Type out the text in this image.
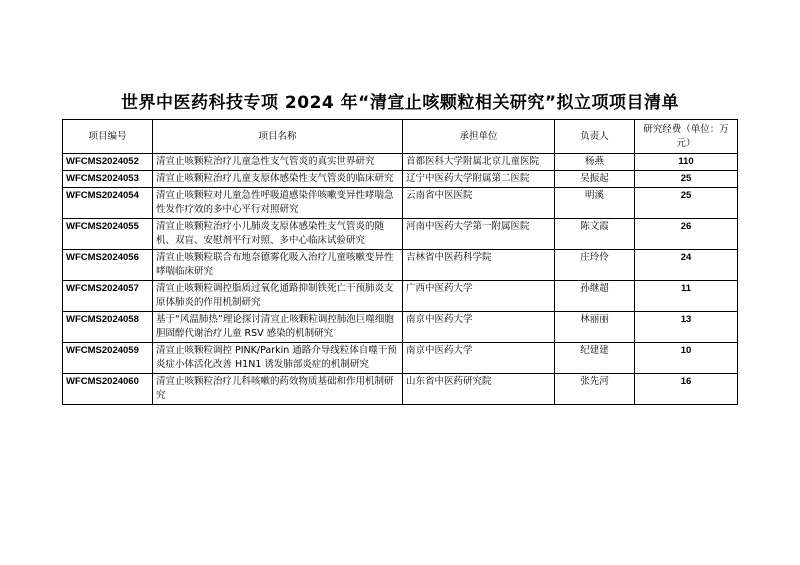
世界中医药科技专项 2024 年“清宣止咳颗粒相关研究”拟立项项目清单
项目编号	项目名称	承担单位	负责人	研究经费（单位：万元）
WFCMS2024052	清宣止咳颗粒治疗儿童急性支气管炎的真实世界研究	首都医科大学附属北京儿童医院	杨燕	110
WFCMS2024053	清宣止咳颗粒治疗儿童支原体感染性支气管炎的临床研究	辽宁中医药大学附属第二医院	吴振起	25
WFCMS2024054	清宣止咳颗粒对儿童急性呼吸道感染伴咳嗽变异性哮喘急性发作疗效的多中心平行对照研究	云南省中医医院	明溪	25
WFCMS2024055	清宣止咳颗粒治疗小儿肺炎支原体感染性支气管炎的随机、双盲、安慰剂平行对照、多中心临床试验研究	河南中医药大学第一附属医院	陈文霞	26
WFCMS2024056	清宣止咳颗粒联合布地奈德雾化吸入治疗儿童咳嗽变异性哮喘临床研究	吉林省中医药科学院	庄玲伶	24
WFCMS2024057	清宣止咳颗粒调控脂质过氧化通路抑制铁死亡干预肺炎支原体肺炎的作用机制研究	广西中医药大学	孙继超	11
WFCMS2024058	基于“风温肺热”理论探讨清宣止咳颗粒调控肺泡巨噬细胞胆固醇代谢治疗儿童 RSV 感染的机制研究	南京中医药大学	林丽丽	13
WFCMS2024059	清宣止咳颗粒调控 PINK/Parkin 通路介导线粒体自噬干预炎症小体活化改善 H1N1 诱发肺部炎症的机制研究	南京中医药大学	纪建建	10
WFCMS2024060	清宣止咳颗粒治疗儿科咳嗽的药效物质基础和作用机制研究	山东省中医药研究院	张先河	16
